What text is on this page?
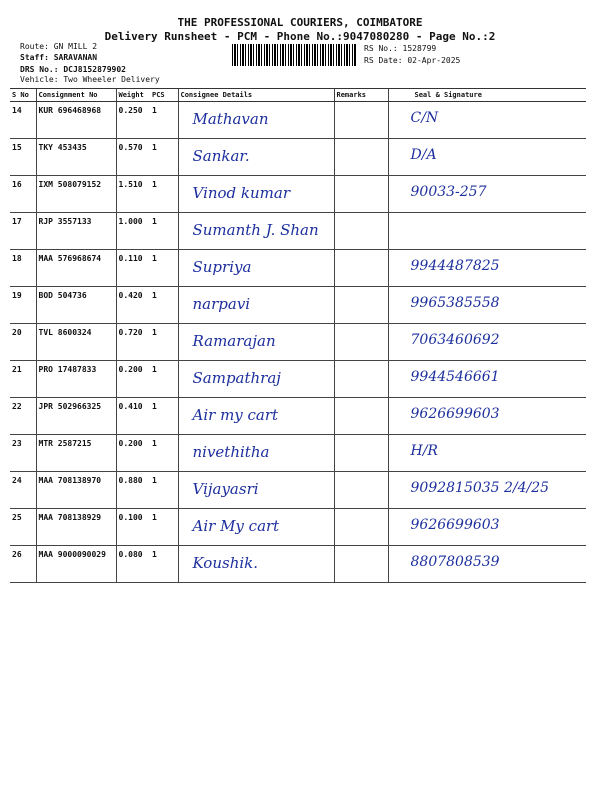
THE PROFESSIONAL COURIERS, COIMBATORE
Delivery Runsheet - PCM - Phone No.:9047080280 - Page No.:2
Route: GN MILL 2
Staff: SARAVANAN
DRS No.: DCJ8152879902
Vehicle: Two Wheeler Delivery
RS No.: 1528799
RS Date: 02-Apr-2025
S No	Consignment No	Weight	PCS	Consignee Details	Remarks	Seal & Signature
14	KUR 696468968	0.250	1	Mathavan		C/N
15	TKY 453435	0.570	1	Sankar.		D/A
16	IXM 508079152	1.510	1	Vinod kumar		90033-257
17	RJP 3557133	1.000	1	Sumanth J. Shan		
18	MAA 576968674	0.110	1	Supriya		9944487825
19	BOD 504736	0.420	1	narpavi		9965385558
20	TVL 8600324	0.720	1	Ramarajan		7063460692
21	PRO 17487833	0.200	1	Sampathraj		9944546661
22	JPR 502966325	0.410	1	Air my cart		9626699603
23	MTR 2587215	0.200	1	nivethitha		H/R
24	MAA 708138970	0.880	1	Vijayasri		9092815035 2/4/25
25	MAA 708138929	0.100	1	Air My cart		9626699603
26	MAA 9000090029	0.080	1	Koushik.		8807808539
